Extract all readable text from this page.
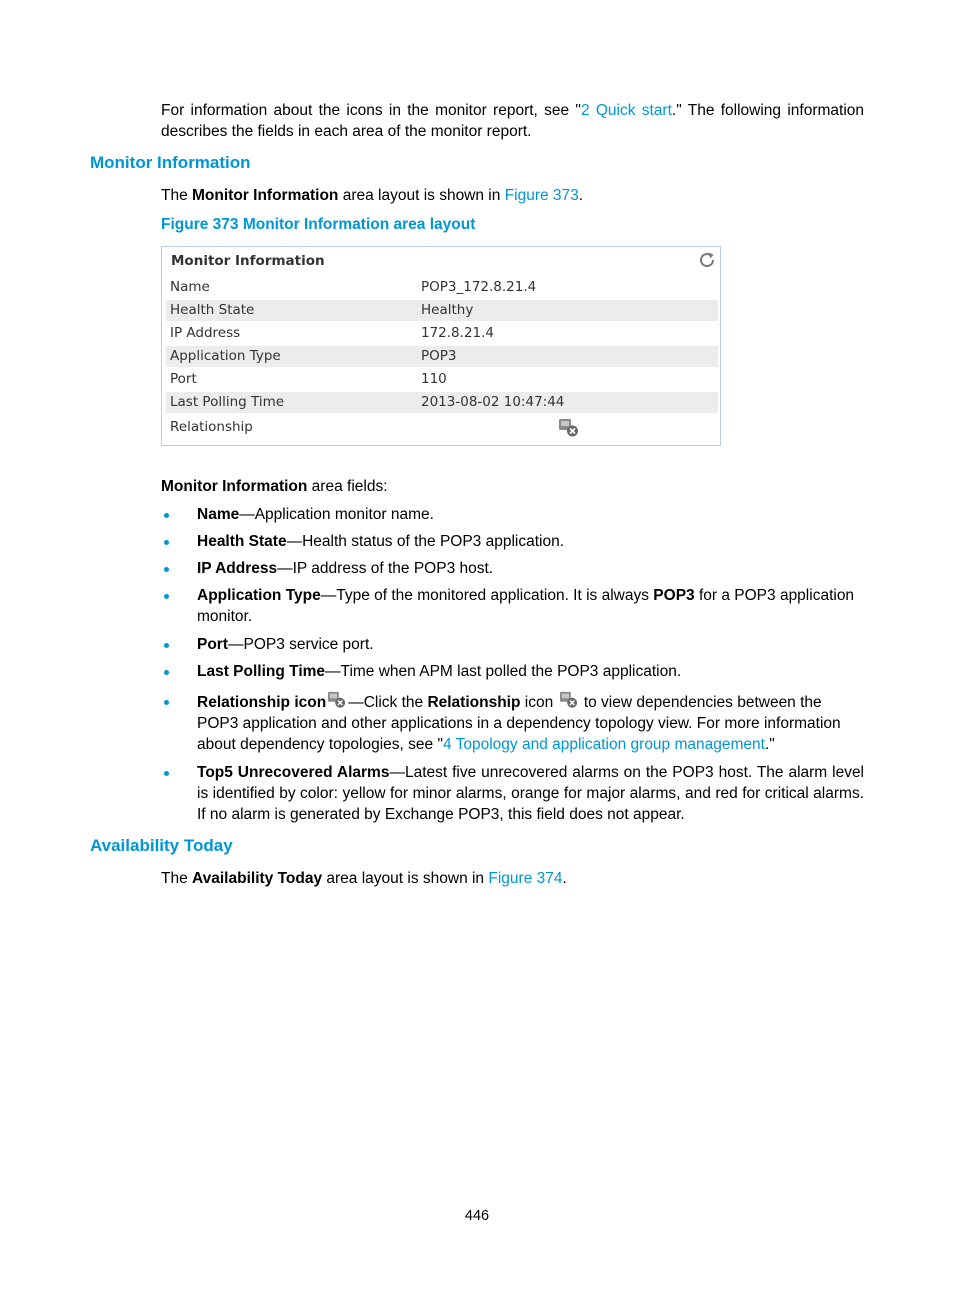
For information about the icons in the monitor report, see "2 Quick start." The following information describes the fields in each area of the monitor report.

Monitor Information

The Monitor Information area layout is shown in Figure 373.

Figure 373 Monitor Information area layout

Monitor Information
Name	POP3_172.8.21.4
Health State	Healthy
IP Address	172.8.21.4
Application Type	POP3
Port	110
Last Polling Time	2013-08-02 10:47:44
Relationship

Monitor Information area fields:

Name—Application monitor name.
Health State—Health status of the POP3 application.
IP Address—IP address of the POP3 host.
Application Type—Type of the monitored application. It is always POP3 for a POP3 application monitor.
Port—POP3 service port.
Last Polling Time—Time when APM last polled the POP3 application.
Relationship icon —Click the Relationship icon  to view dependencies between the POP3 application and other applications in a dependency topology view. For more information about dependency topologies, see "4 Topology and application group management."
Top5 Unrecovered Alarms—Latest five unrecovered alarms on the POP3 host. The alarm level is identified by color: yellow for minor alarms, orange for major alarms, and red for critical alarms. If no alarm is generated by Exchange POP3, this field does not appear.
Availability Today

The Availability Today area layout is shown in Figure 374.

446
